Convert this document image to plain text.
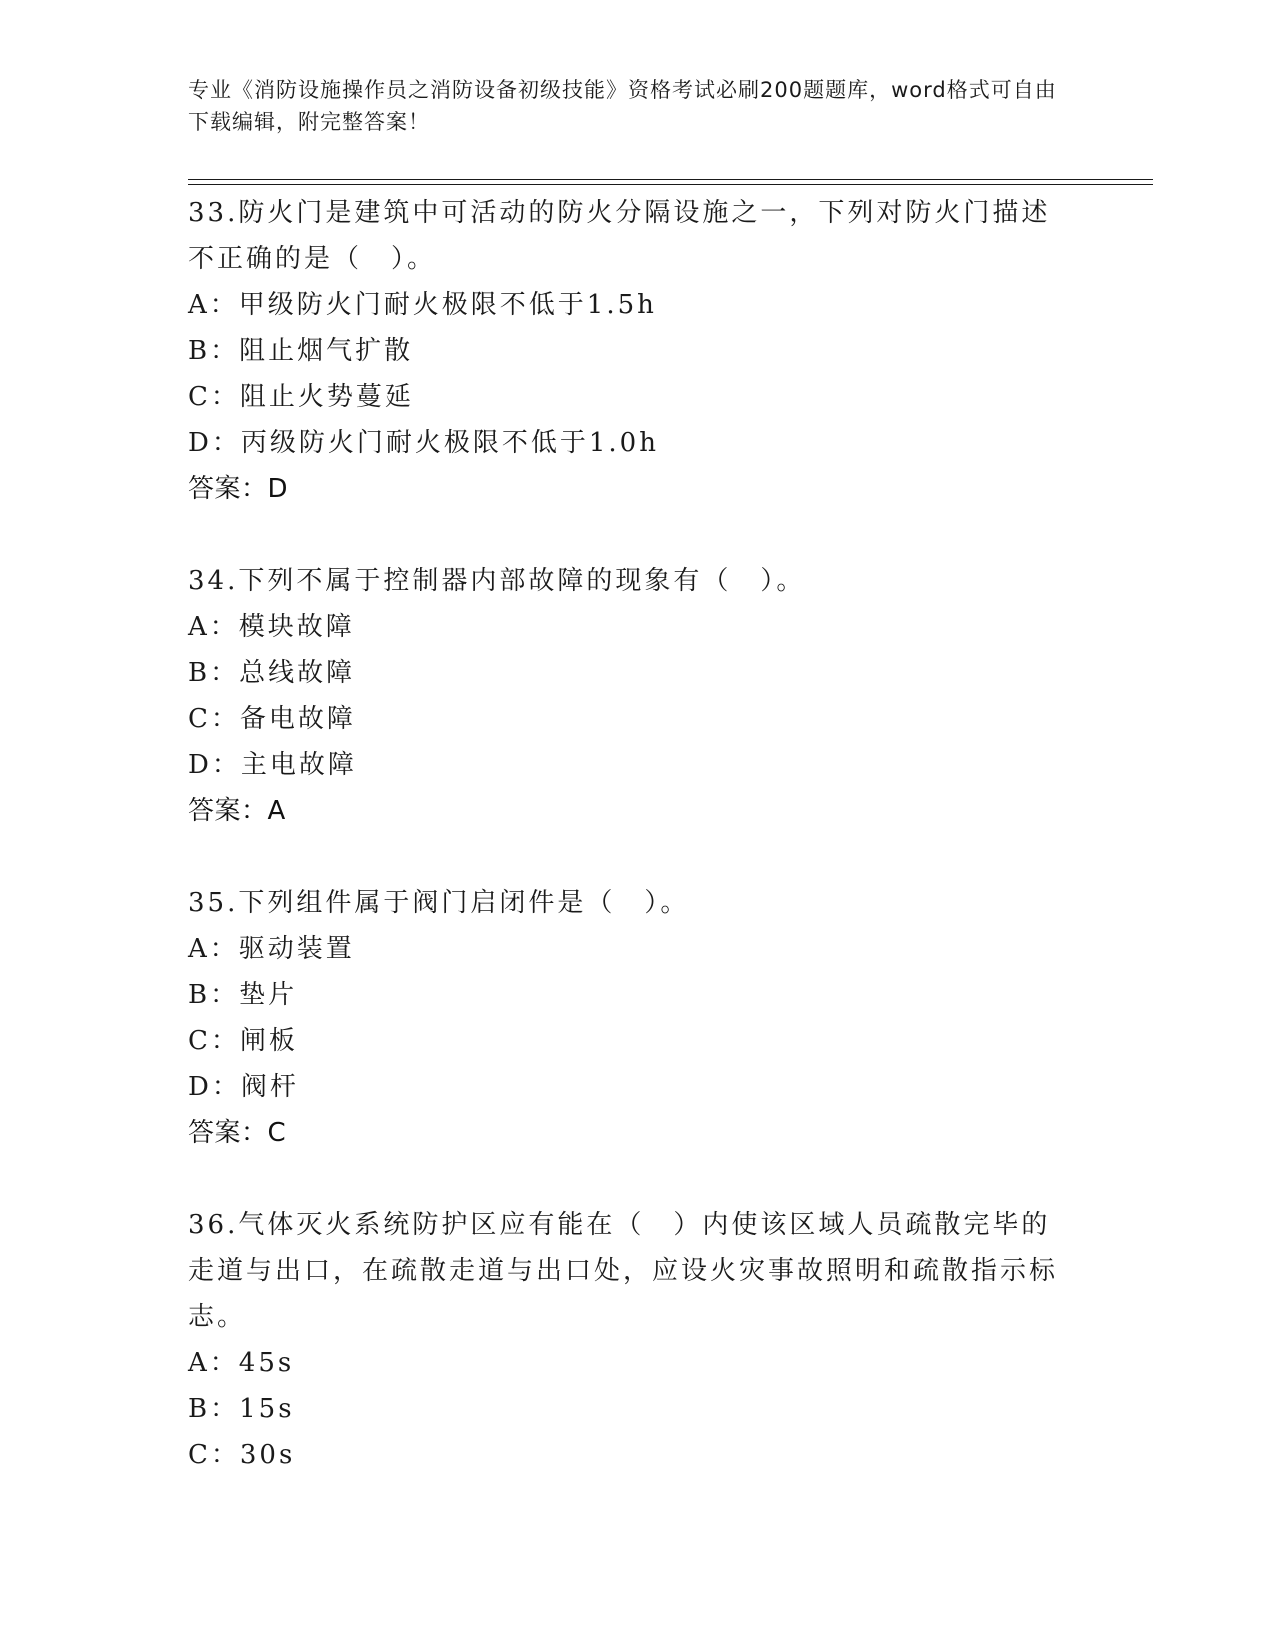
专业《消防设施操作员之消防设备初级技能》资格考试必刷200题题库，word格式可自由下载编辑，附完整答案！

33.防火门是建筑中可活动的防火分隔设施之一，下列对防火门描述不正确的是（　）。

A：甲级防火门耐火极限不低于1.5h

B：阻止烟气扩散

C：阻止火势蔓延

D：丙级防火门耐火极限不低于1.0h

答案：D

34.下列不属于控制器内部故障的现象有（　）。

A：模块故障

B：总线故障

C：备电故障

D：主电故障

答案：A

35.下列组件属于阀门启闭件是（　）。

A：驱动装置

B：垫片

C：闸板

D：阀杆

答案：C

36.气体灭火系统防护区应有能在（　）内使该区域人员疏散完毕的走道与出口，在疏散走道与出口处，应设火灾事故照明和疏散指示标志。

A：45s

B：15s

C：30s
